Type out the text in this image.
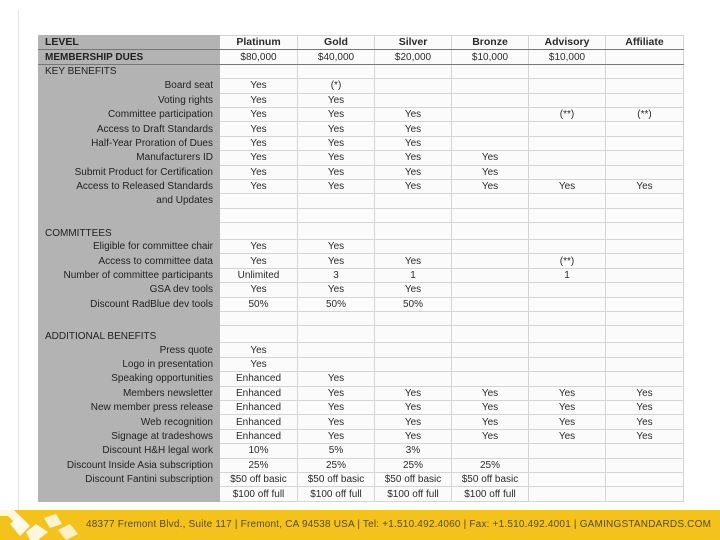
LEVEL	Platinum	Gold	Silver	Bronze	Advisory	Affiliate
MEMBERSHIP DUES	$80,000	$40,000	$20,000	$10,000	$10,000	
KEY BENEFITS						
Board seat	Yes	(*)				
Voting rights	Yes	Yes				
Committee participation	Yes	Yes	Yes		(**)	(**)
Access to Draft Standards	Yes	Yes	Yes			
Half-Year Proration of Dues	Yes	Yes	Yes			
Manufacturers ID	Yes	Yes	Yes	Yes		
Submit Product for Certification	Yes	Yes	Yes	Yes		
Access to Released Standards	Yes	Yes	Yes	Yes	Yes	Yes
and Updates						

COMMITTEES						
Eligible for committee chair	Yes	Yes				
Access to committee data	Yes	Yes	Yes		(**)	
Number of committee participants	Unlimited	3	1		1	
GSA dev tools	Yes	Yes	Yes			
Discount RadBlue dev tools	50%	50%	50%			

ADDITIONAL BENEFITS						
Press quote	Yes					
Logo in presentation	Yes					
Speaking opportunities	Enhanced	Yes				
Members newsletter	Enhanced	Yes	Yes	Yes	Yes	Yes
New member press release	Enhanced	Yes	Yes	Yes	Yes	Yes
Web recognition	Enhanced	Yes	Yes	Yes	Yes	Yes
Signage at tradeshows	Enhanced	Yes	Yes	Yes	Yes	Yes
Discount H&H legal work	10%	5%	3%			
Discount Inside Asia subscription	25%	25%	25%	25%		
Discount Fantini subscription	$50 off basic	$50 off basic	$50 off basic	$50 off basic		
	$100 off full	$100 off full	$100 off full	$100 off full		
48377 Fremont Blvd., Suite 117 | Fremont, CA 94538 USA | Tel: +1.510.492.4060 | Fax: +1.510.492.4001 | GAMINGSTANDARDS.COM
